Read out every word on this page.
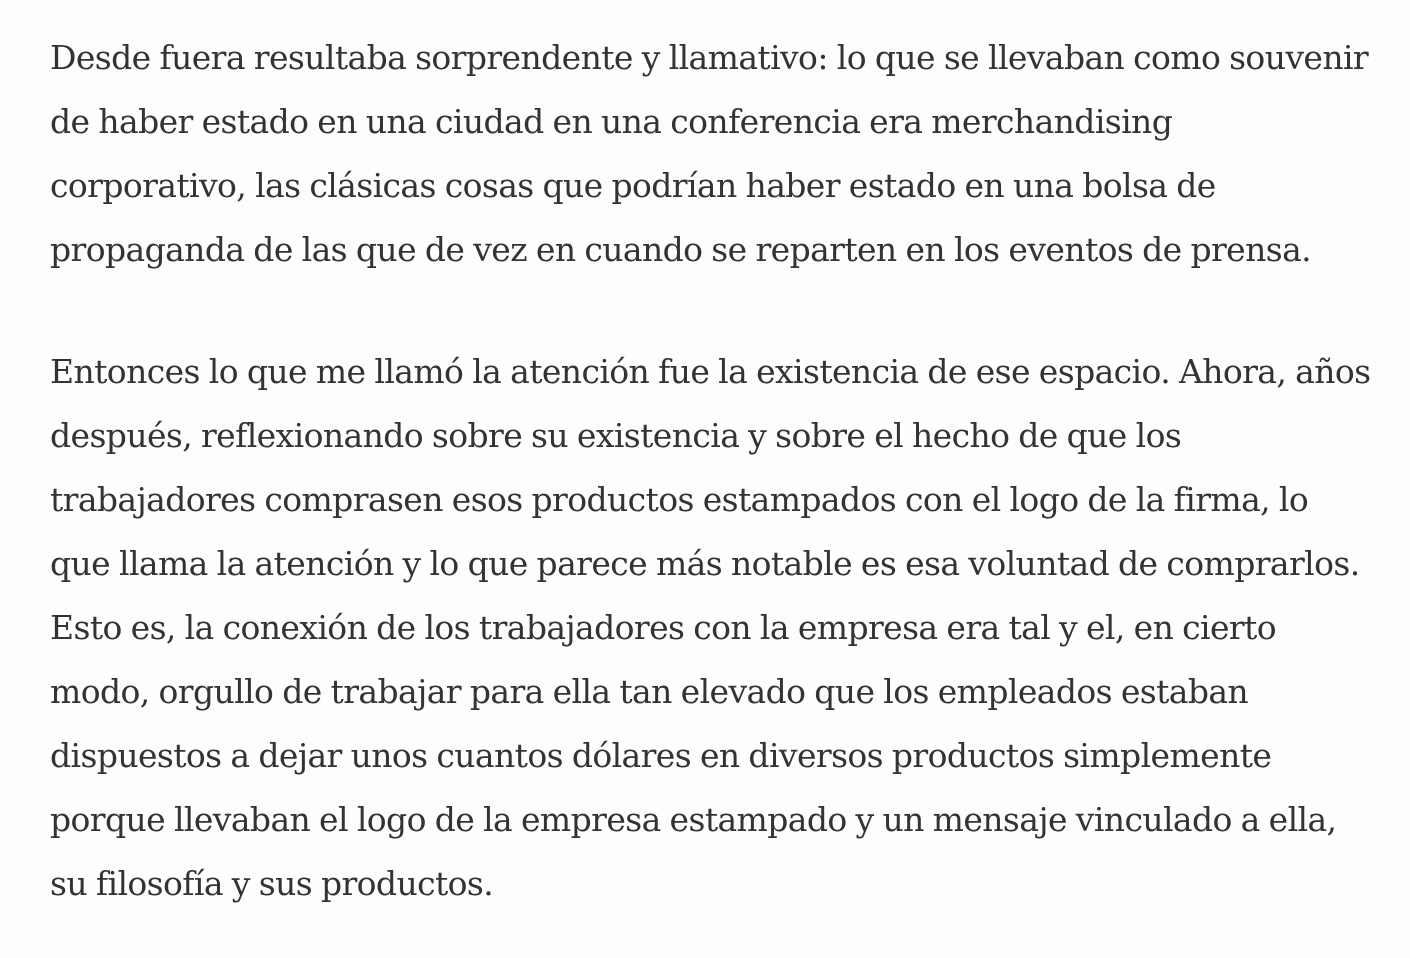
Desde fuera resultaba sorprendente y llamativo: lo que se llevaban como souvenir de haber estado en una ciudad en una conferencia era merchandising corporativo, las clásicas cosas que podrían haber estado en una bolsa de propaganda de las que de vez en cuando se reparten en los eventos de prensa.

Entonces lo que me llamó la atención fue la existencia de ese espacio. Ahora, años después, reflexionando sobre su existencia y sobre el hecho de que los trabajadores comprasen esos productos estampados con el logo de la firma, lo que llama la atención y lo que parece más notable es esa voluntad de comprarlos. Esto es, la conexión de los trabajadores con la empresa era tal y el, en cierto modo, orgullo de trabajar para ella tan elevado que los empleados estaban dispuestos a dejar unos cuantos dólares en diversos productos simplemente porque llevaban el logo de la empresa estampado y un mensaje vinculado a ella, su filosofía y sus productos.
